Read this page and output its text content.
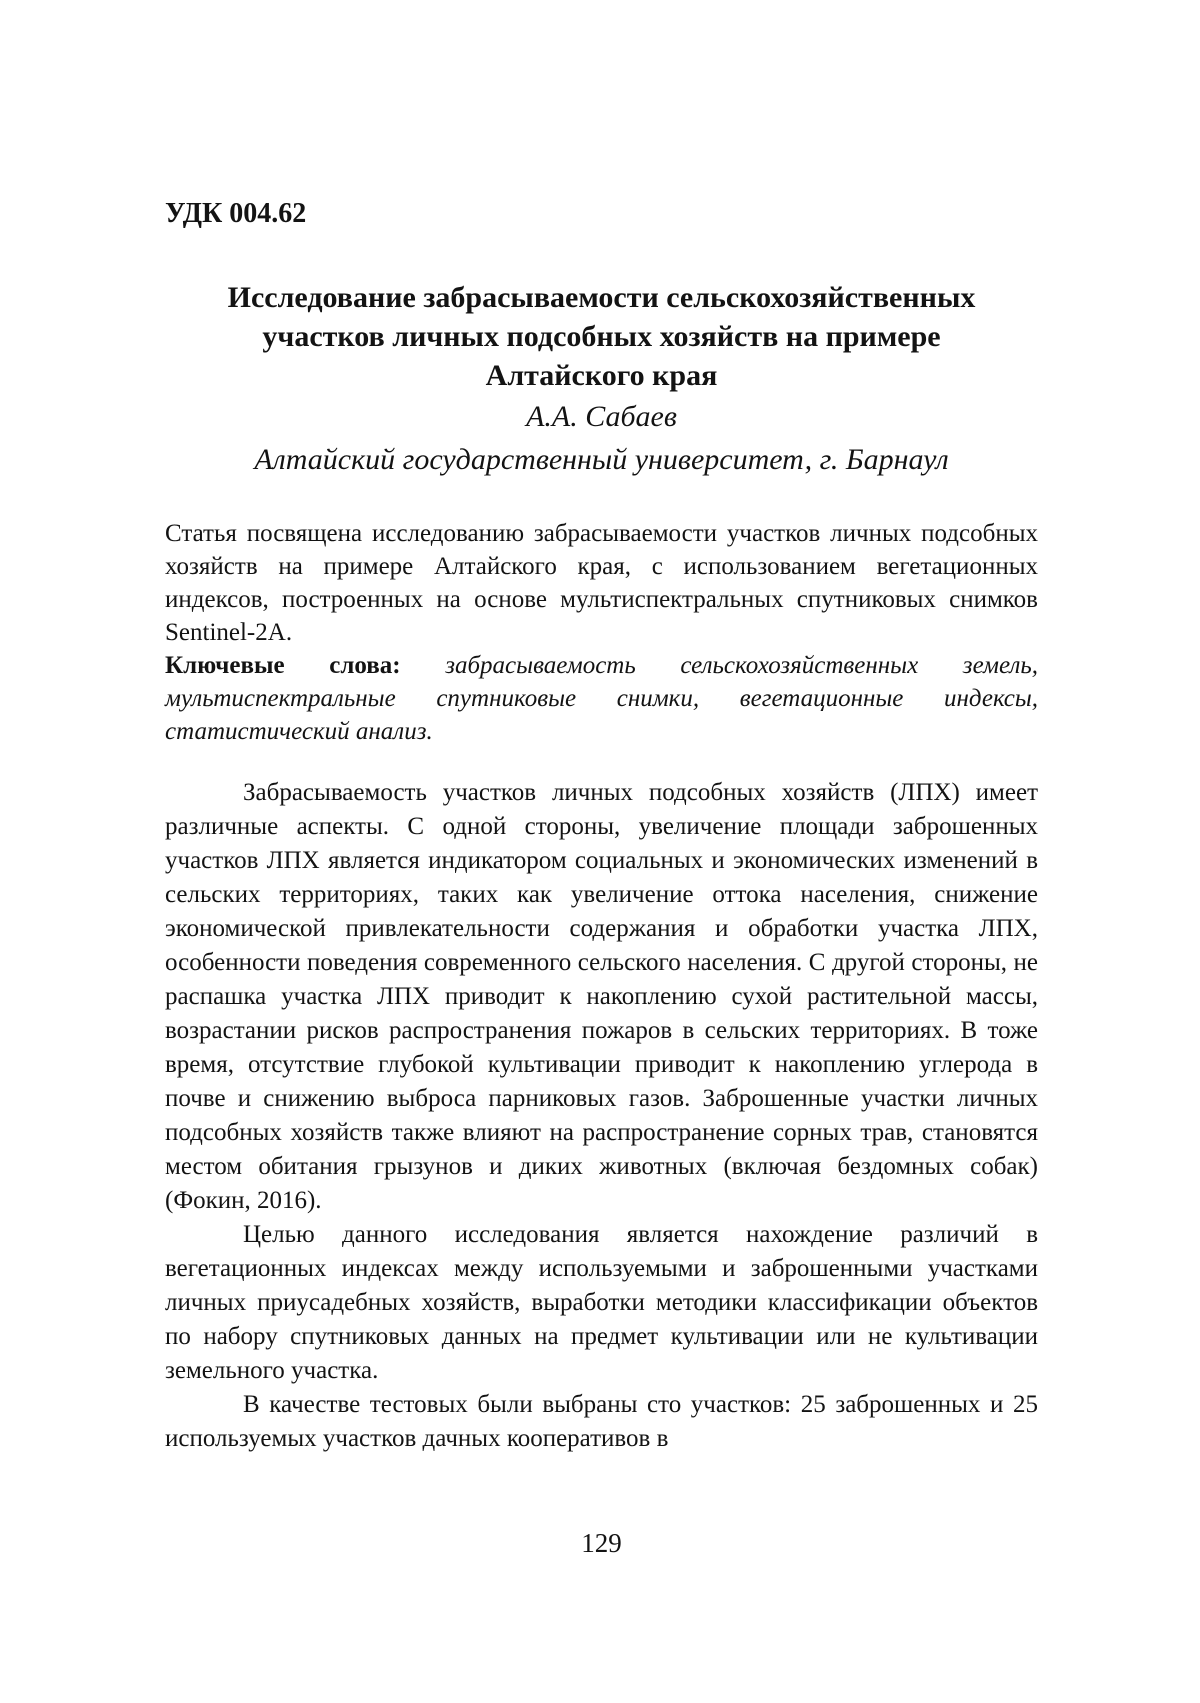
УДК 004.62
Исследование забрасываемости сельскохозяйственных
участков личных подсобных хозяйств на примере
Алтайского края
А.А. Сабаев
Алтайский государственный университет, г. Барнаул

Статья посвящена исследованию забрасываемости участков личных подсобных хозяйств на примере Алтайского края, с использованием вегетационных индексов, построенных на основе мультиспектральных спутниковых снимков Sentinel-2A.

Ключевые слова: забрасываемость сельскохозяйственных земель, мультиспектральные спутниковые снимки, вегетационные индексы, статистический анализ.

Забрасываемость участков личных подсобных хозяйств (ЛПХ) имеет различные аспекты. С одной стороны, увеличение площади заброшенных участков ЛПХ является индикатором социальных и экономических изменений в сельских территориях, таких как увеличение оттока населения, снижение экономической привлекательности содержания и обработки участка ЛПХ, особенности поведения современного сельского населения. С другой стороны, не распашка участка ЛПХ приводит к накоплению сухой растительной массы, возрастании рисков распространения пожаров в сельских территориях. В тоже время, отсутствие глубокой культивации приводит к накоплению углерода в почве и снижению выброса парниковых газов. Заброшенные участки личных подсобных хозяйств также влияют на распространение сорных трав, становятся местом обитания грызунов и диких животных (включая бездомных собак) (Фокин, 2016).

Целью данного исследования является нахождение различий в вегетационных индексах между используемыми и заброшенными участками личных приусадебных хозяйств, выработки методики классификации объектов по набору спутниковых данных на предмет культивации или не культивации земельного участка.

В качестве тестовых были выбраны сто участков: 25 заброшенных и 25 используемых участков дачных кооперативов в

129
